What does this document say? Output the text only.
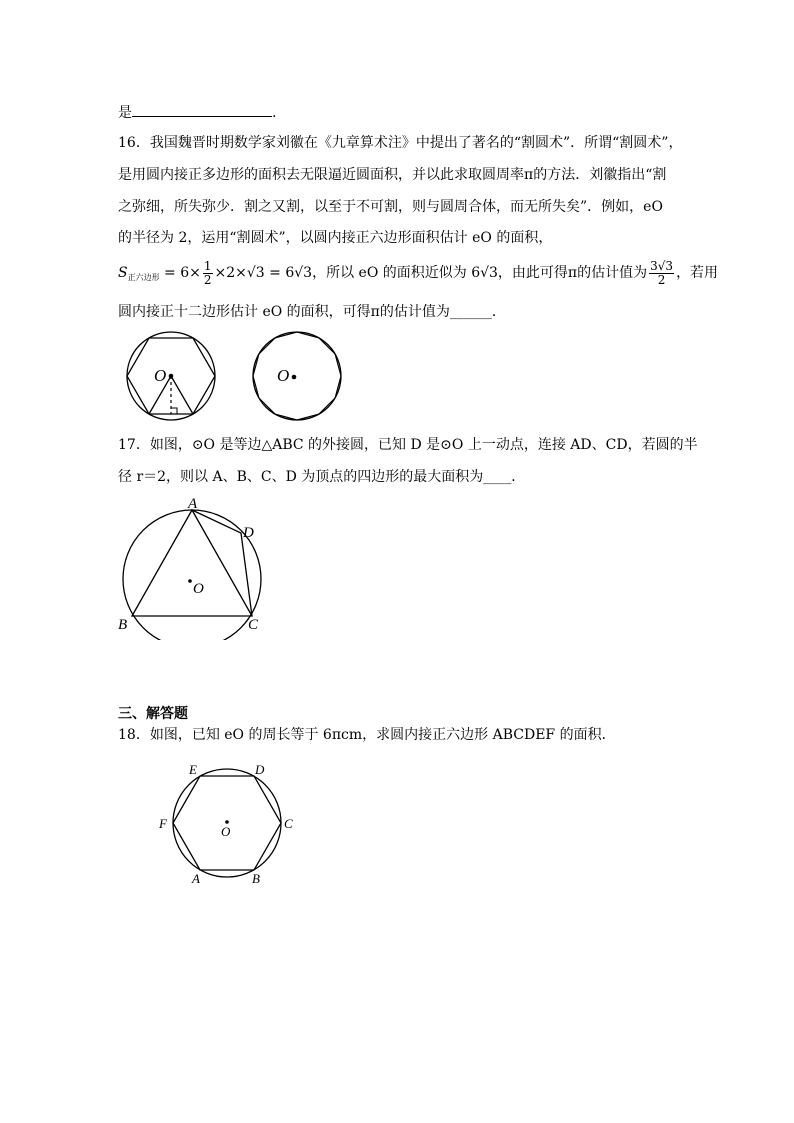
是	.
16．我国魏晋时期数学家刘徽在《九章算术注》中提出了著名的“割圆术”．所谓“割圆术”，
是用圆内接正多边形的面积去无限逼近圆面积，并以此求取圆周率π的方法．刘徽指出“割
之弥细，所失弥少．割之又割，以至于不可割，则与圆周合体，而无所失矣”．例如，eO
的半径为 2，运用“割圆术”，以圆内接正六边形面积估计 eO 的面积，
$S_{正六边形} = 6\times \frac{1}{2} \times 2\times√3 = 6√3$，所以 eO 的面积近似为 6√3，由此可得π的估计值为 $\frac{3√3}{2}$ ，若用
圆内接正十二边形估计 eO 的面积，可得π的估计值为______．
O	O
17．如图，⊙O 是等边△ABC 的外接圆，已知 D 是⊙O 上一动点，连接 AD、CD，若圆的半
径 r＝2，则以 A、B、C、D 为顶点的四边形的最大面积为____．
A
D
B	C
O
三、解答题
18．如图，已知 eO 的周长等于 6πcm，求圆内接正六边形 ABCDEF 的面积．
E	D
F	C
O
A	B
